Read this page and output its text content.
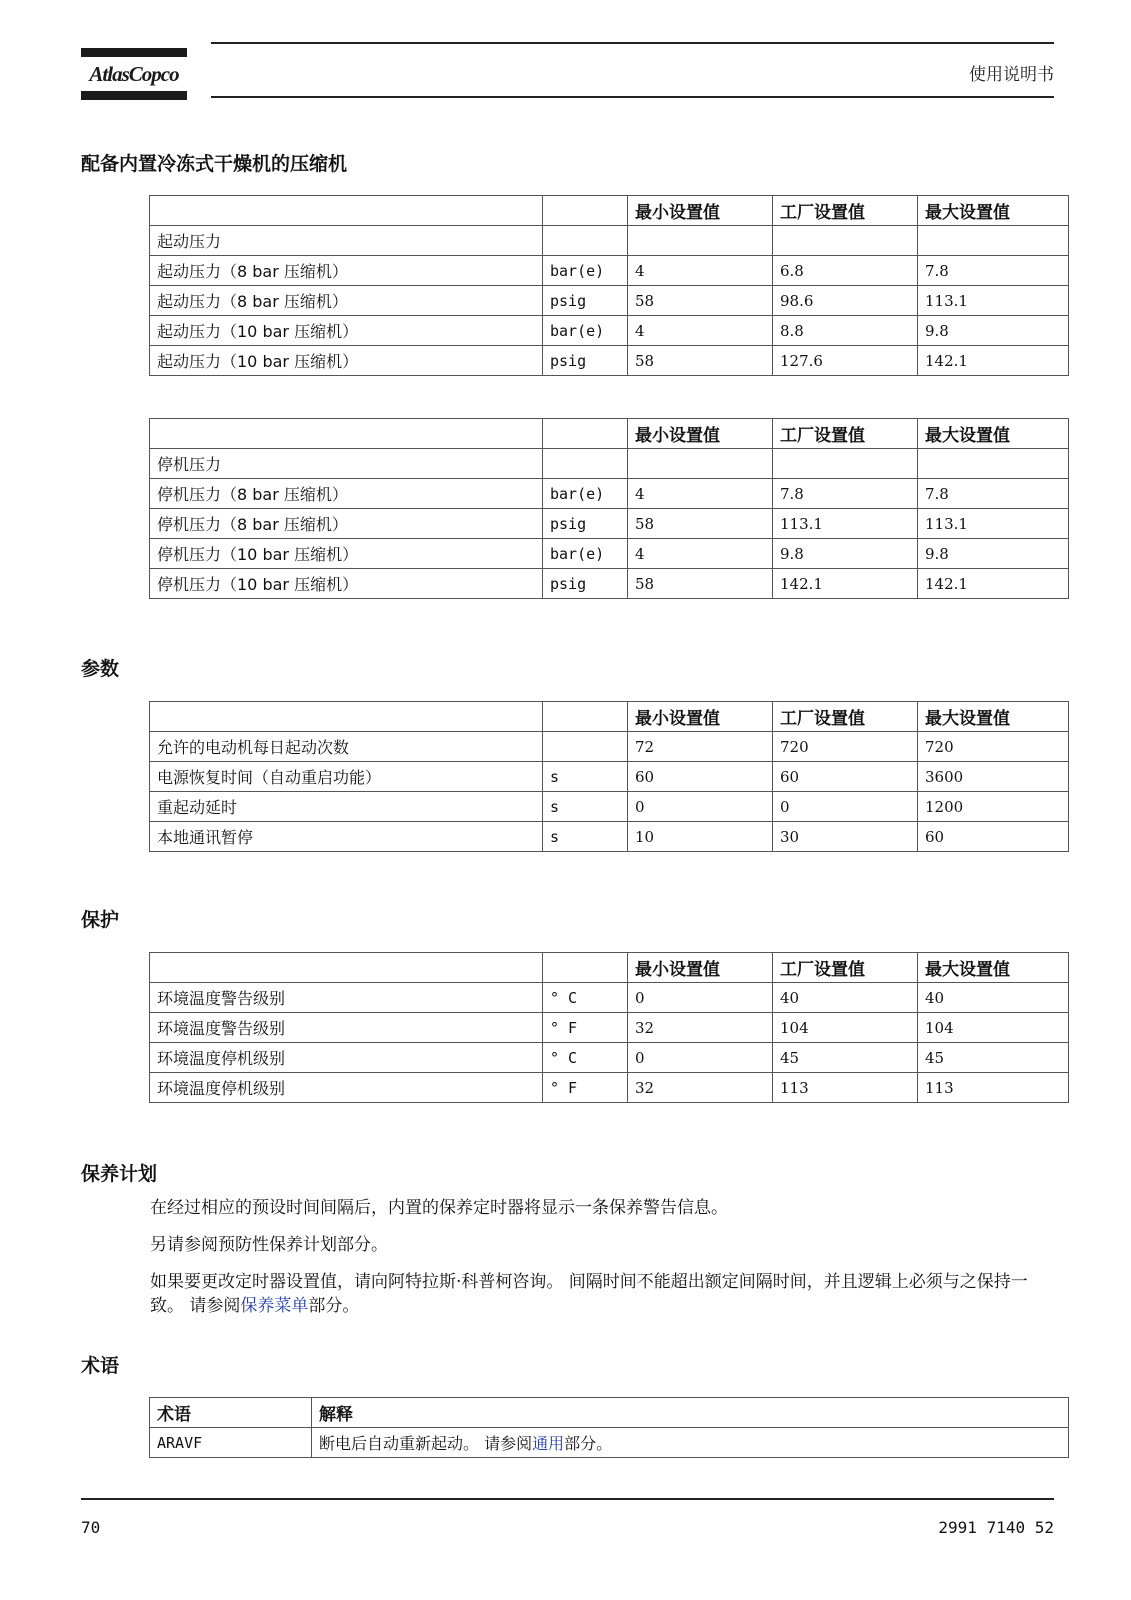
AtlasCopco	使用说明书
配备内置冷冻式干燥机的压缩机
		最小设置值	工厂设置值	最大设置值
起动压力				
起动压力（8 bar 压缩机）	bar(e)	4	6.8	7.8
起动压力（8 bar 压缩机）	psig	58	98.6	113.1
起动压力（10 bar 压缩机）	bar(e)	4	8.8	9.8
起动压力（10 bar 压缩机）	psig	58	127.6	142.1
		最小设置值	工厂设置值	最大设置值
停机压力				
停机压力（8 bar 压缩机）	bar(e)	4	7.8	7.8
停机压力（8 bar 压缩机）	psig	58	113.1	113.1
停机压力（10 bar 压缩机）	bar(e)	4	9.8	9.8
停机压力（10 bar 压缩机）	psig	58	142.1	142.1
参数
		最小设置值	工厂设置值	最大设置值
允许的电动机每日起动次数		72	720	720
电源恢复时间（自动重启功能）	s	60	60	3600
重起动延时	s	0	0	1200
本地通讯暂停	s	10	30	60
保护
		最小设置值	工厂设置值	最大设置值
环境温度警告级别	° C	0	40	40
环境温度警告级别	° F	32	104	104
环境温度停机级别	° C	0	45	45
环境温度停机级别	° F	32	113	113
保养计划
在经过相应的预设时间间隔后，内置的保养定时器将显示一条保养警告信息。
另请参阅预防性保养计划部分。
如果要更改定时器设置值，请向阿特拉斯·科普柯咨询。 间隔时间不能超出额定间隔时间，并且逻辑上必须与之保持一致。 请参阅保养菜单部分。
术语
术语	解释
ARAVF	断电后自动重新起动。 请参阅通用部分。
70	2991 7140 52
